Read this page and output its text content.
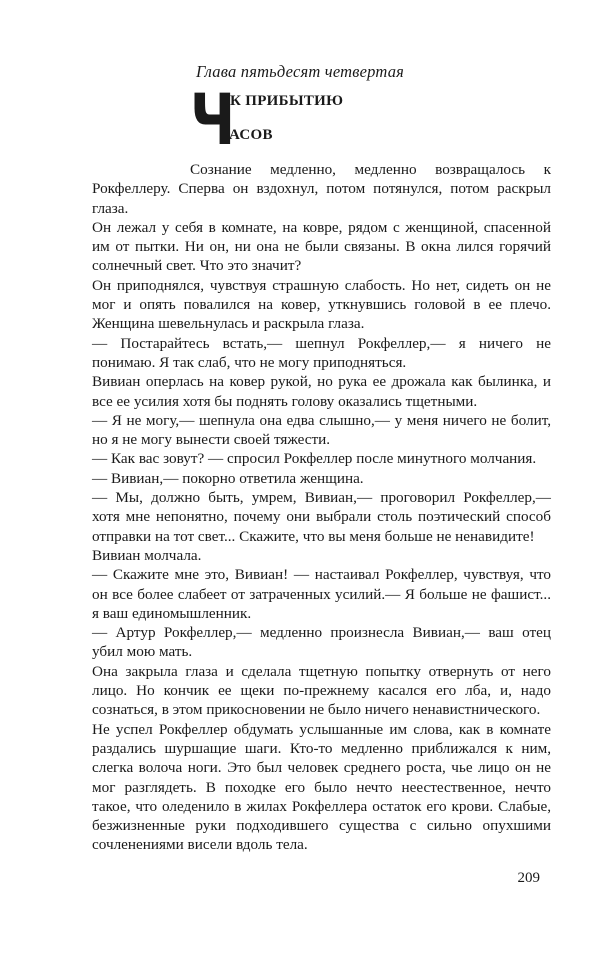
Глава пятьдесят четвертая
Ч
К ПРИБЫТИЮ
АСОВ

Сознание медленно, медленно возвращалось к Рокфеллеру. Сперва он вздохнул, потом потянулся, потом раскрыл глаза.

Он лежал у себя в комнате, на ковре, рядом с женщиной, спасенной им от пытки. Ни он, ни она не были связаны. В окна лился горячий солнечный свет. Что это значит?

Он приподнялся, чувствуя страшную слабость. Но нет, сидеть он не мог и опять повалился на ковер, уткнувшись головой в ее плечо. Женщина шевельнулась и раскрыла глаза.

— Постарайтесь встать,— шепнул Рокфеллер,— я ничего не понимаю. Я так слаб, что не могу приподняться.

Вивиан оперлась на ковер рукой, но рука ее дрожала как былинка, и все ее усилия хотя бы поднять голову оказались тщетными.

— Я не могу,— шепнула она едва слышно,— у меня ничего не болит, но я не могу вынести своей тяжести.

— Как вас зовут? — спросил Рокфеллер после минутного молчания.

— Вивиан,— покорно ответила женщина.

— Мы, должно быть, умрем, Вивиан,— проговорил Рокфеллер,— хотя мне непонятно, почему они выбрали столь поэтический способ отправки на тот свет... Скажите, что вы меня больше не ненавидите!

Вивиан молчала.

— Скажите мне это, Вивиан! — настаивал Рокфеллер, чувствуя, что он все более слабеет от затраченных усилий.— Я больше не фашист... я ваш единомышленник.

— Артур Рокфеллер,— медленно произнесла Вивиан,— ваш отец убил мою мать.

Она закрыла глаза и сделала тщетную попытку отвернуть от него лицо. Но кончик ее щеки по-прежнему касался его лба, и, надо сознаться, в этом прикосновении не было ничего ненавистнического.

Не успел Рокфеллер обдумать услышанные им слова, как в комнате раздались шуршащие шаги. Кто-то медленно приближался к ним, слегка волоча ноги. Это был человек среднего роста, чье лицо он не мог разглядеть. В походке его было нечто неестественное, нечто такое, что оледенило в жилах Рокфеллера остаток его крови. Слабые, безжизненные руки подходившего существа с сильно опухшими сочленениями висели вдоль тела.

209
